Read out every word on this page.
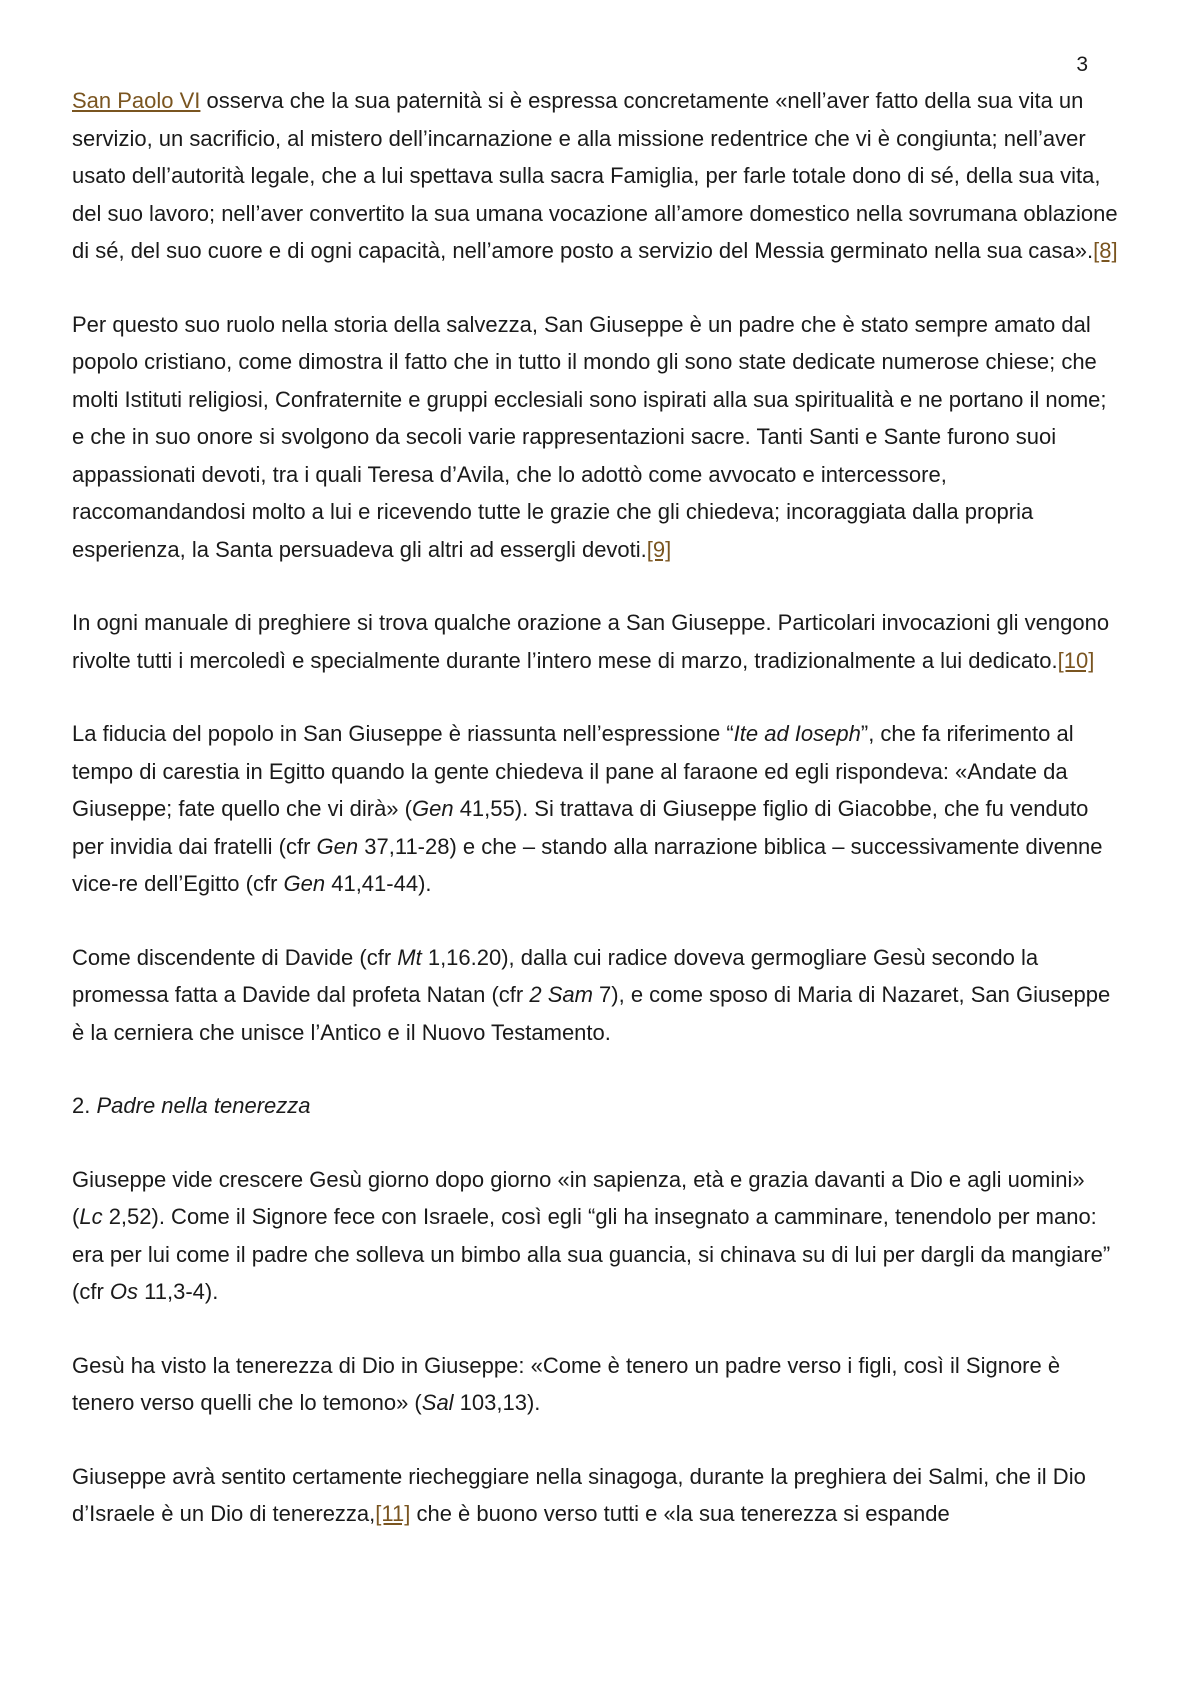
3

San Paolo VI osserva che la sua paternità si è espressa concretamente «nell’aver fatto della sua vita un servizio, un sacrificio, al mistero dell’incarnazione e alla missione redentrice che vi è congiunta; nell’aver usato dell’autorità legale, che a lui spettava sulla sacra Famiglia, per farle totale dono di sé, della sua vita, del suo lavoro; nell’aver convertito la sua umana vocazione all’amore domestico nella sovrumana oblazione di sé, del suo cuore e di ogni capacità, nell’amore posto a servizio del Messia germinato nella sua casa».[8]

Per questo suo ruolo nella storia della salvezza, San Giuseppe è un padre che è stato sempre amato dal popolo cristiano, come dimostra il fatto che in tutto il mondo gli sono state dedicate numerose chiese; che molti Istituti religiosi, Confraternite e gruppi ecclesiali sono ispirati alla sua spiritualità e ne portano il nome; e che in suo onore si svolgono da secoli varie rappresentazioni sacre. Tanti Santi e Sante furono suoi appassionati devoti, tra i quali Teresa d’Avila, che lo adottò come avvocato e intercessore, raccomandandosi molto a lui e ricevendo tutte le grazie che gli chiedeva; incoraggiata dalla propria esperienza, la Santa persuadeva gli altri ad essergli devoti.[9]

In ogni manuale di preghiere si trova qualche orazione a San Giuseppe. Particolari invocazioni gli vengono rivolte tutti i mercoledì e specialmente durante l’intero mese di marzo, tradizionalmente a lui dedicato.[10]

La fiducia del popolo in San Giuseppe è riassunta nell’espressione “Ite ad Ioseph”, che fa riferimento al tempo di carestia in Egitto quando la gente chiedeva il pane al faraone ed egli rispondeva: «Andate da Giuseppe; fate quello che vi dirà» (Gen 41,55). Si trattava di Giuseppe figlio di Giacobbe, che fu venduto per invidia dai fratelli (cfr Gen 37,11-28) e che – stando alla narrazione biblica – successivamente divenne vice-re dell’Egitto (cfr Gen 41,41-44).

Come discendente di Davide (cfr Mt 1,16.20), dalla cui radice doveva germogliare Gesù secondo la promessa fatta a Davide dal profeta Natan (cfr 2 Sam 7), e come sposo di Maria di Nazaret, San Giuseppe è la cerniera che unisce l’Antico e il Nuovo Testamento.

2. Padre nella tenerezza

Giuseppe vide crescere Gesù giorno dopo giorno «in sapienza, età e grazia davanti a Dio e agli uomini» (Lc 2,52). Come il Signore fece con Israele, così egli “gli ha insegnato a camminare, tenendolo per mano: era per lui come il padre che solleva un bimbo alla sua guancia, si chinava su di lui per dargli da mangiare” (cfr Os 11,3-4).

Gesù ha visto la tenerezza di Dio in Giuseppe: «Come è tenero un padre verso i figli, così il Signore è tenero verso quelli che lo temono» (Sal 103,13).

Giuseppe avrà sentito certamente riecheggiare nella sinagoga, durante la preghiera dei Salmi, che il Dio d’Israele è un Dio di tenerezza,[11] che è buono verso tutti e «la sua tenerezza si espande
